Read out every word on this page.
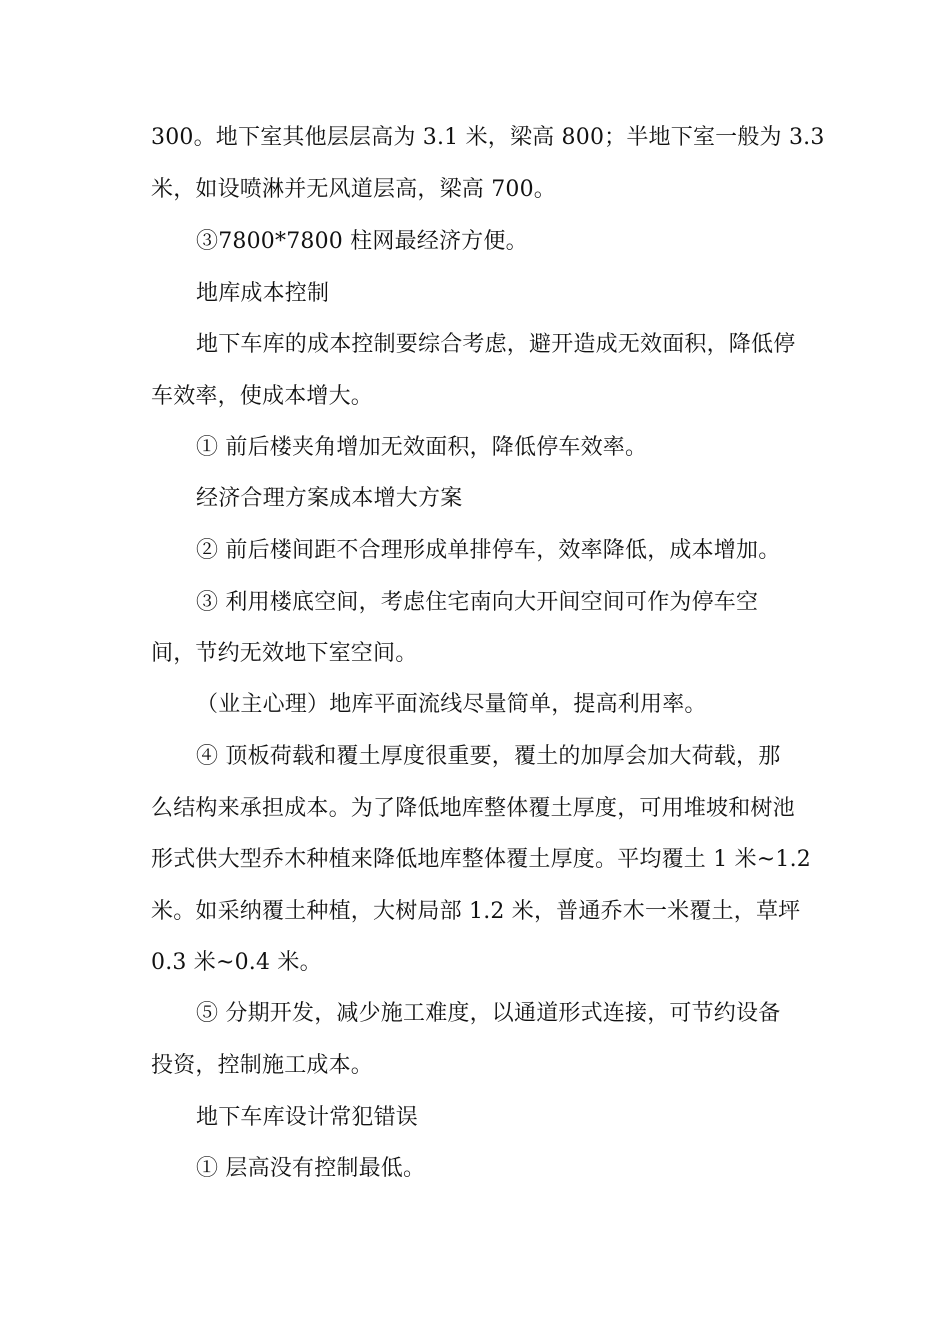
300。地下室其他层层高为 3.1 米，梁高 800；半地下室一般为 3.3
米，如设喷淋并无风道层高，梁高 700。
③7800*7800 柱网最经济方便。
地库成本控制
地下车库的成本控制要综合考虑，避开造成无效面积，降低停
车效率，使成本增大。
① 前后楼夹角增加无效面积，降低停车效率。
经济合理方案成本增大方案
② 前后楼间距不合理形成单排停车，效率降低，成本增加。
③ 利用楼底空间，考虑住宅南向大开间空间可作为停车空
间，节约无效地下室空间。
（业主心理）地库平面流线尽量简单，提高利用率。
④ 顶板荷载和覆土厚度很重要，覆土的加厚会加大荷载，那
么结构来承担成本。为了降低地库整体覆土厚度，可用堆坡和树池
形式供大型乔木种植来降低地库整体覆土厚度。平均覆土 1 米~1.2
米。如采纳覆土种植，大树局部 1.2 米，普通乔木一米覆土，草坪
0.3 米~0.4 米。
⑤ 分期开发，减少施工难度，以通道形式连接，可节约设备
投资，控制施工成本。
地下车库设计常犯错误
① 层高没有控制最低。
